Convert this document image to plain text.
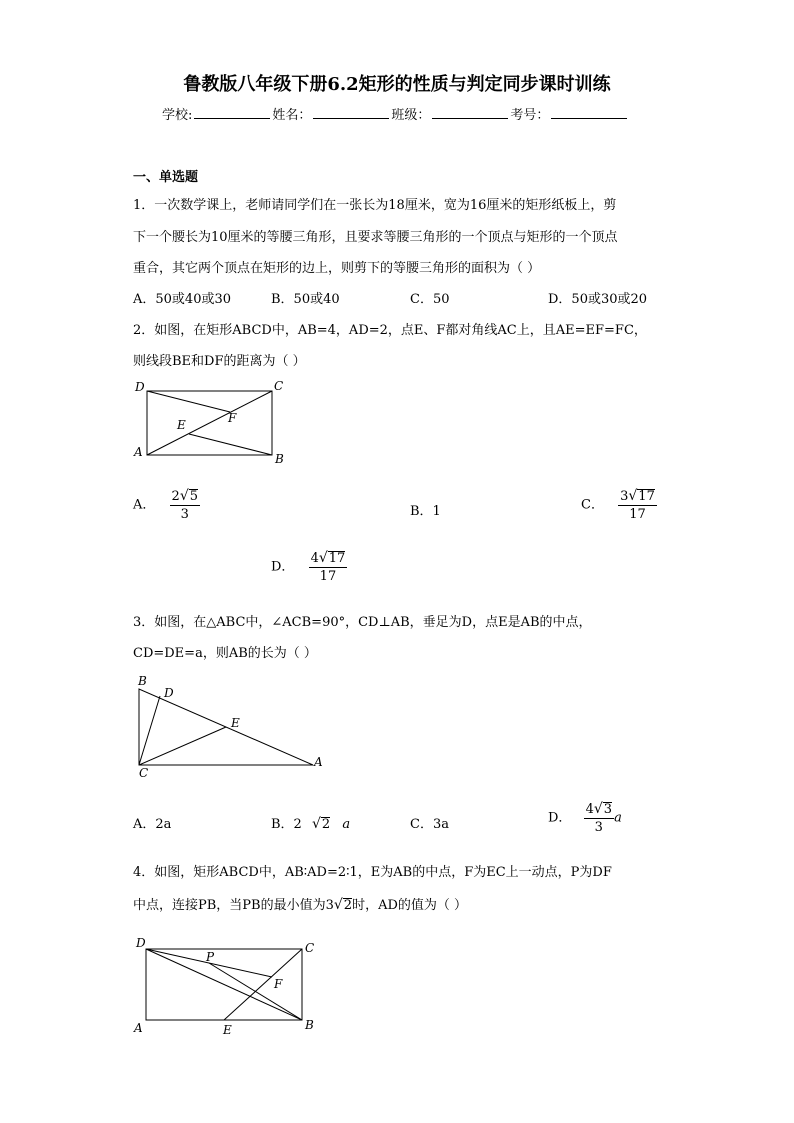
鲁教版八年级下册6.2矩形的性质与判定同步课时训练
学校:	姓名：	班级：	考号：
一、单选题
1．一次数学课上，老师请同学们在一张长为18厘米，宽为16厘米的矩形纸板上，剪
下一个腰长为10厘米的等腰三角形，且要求等腰三角形的一个顶点与矩形的一个顶点
重合，其它两个顶点在矩形的边上，则剪下的等腰三角形的面积为（ ）
A．50或40或30	B．50或40	C．50	D．50或30或20
2．如图，在矩形ABCD中，AB=4，AD=2，点E、F都对角线AC上，且AE=EF=FC，
则线段BE和DF的距离为（ ）
D	C
A	B
E	F
A． $\frac{2√5}{3}$	B．1	C． $\frac{3√17}{17}$
D． $\frac{4√17}{17}$
3．如图，在△ABC中，∠ACB=90°，CD⊥AB，垂足为D，点E是AB的中点，
CD=DE=a，则AB的长为（ ）
B
D
E
C
A
A．2a	B．2 √2 a	C．3a	D． $\frac{4√3}{3}$ a
4．如图，矩形ABCD中，AB∶AD=2∶1，E为AB的中点，F为EC上一动点，P为DF
中点，连接PB，当PB的最小值为3√2时，AD的值为（ ）
D	C
P
F
A	E	B
